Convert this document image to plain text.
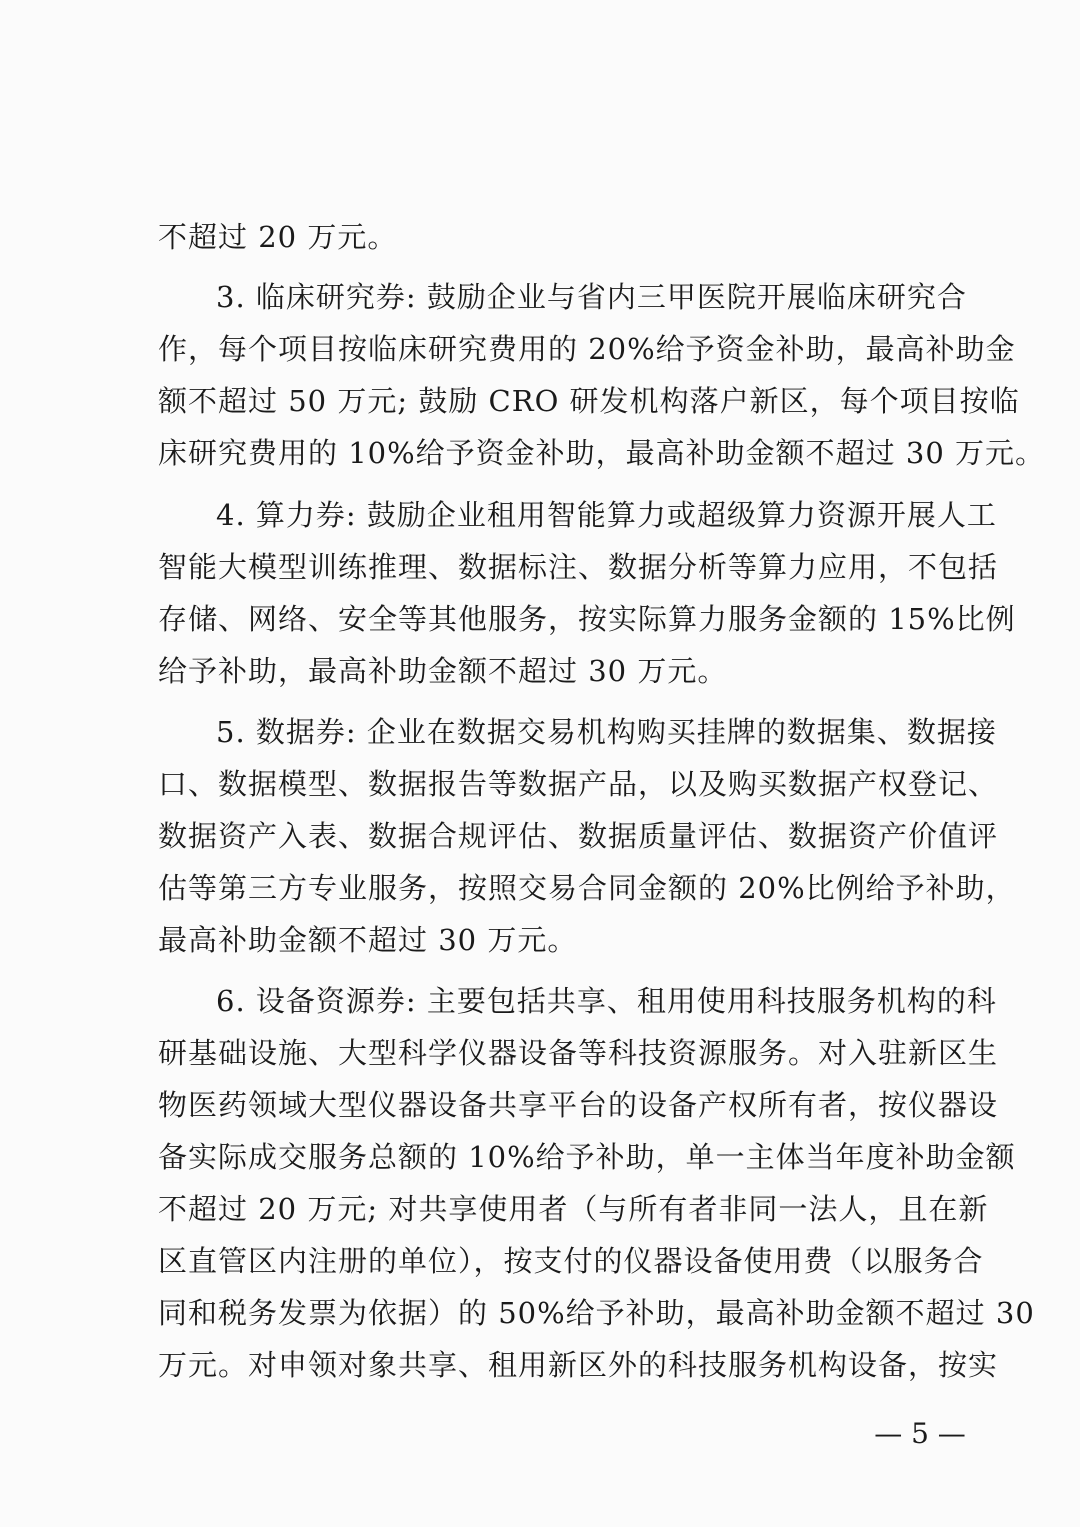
不超过 20 万元。
3. 临床研究券: 鼓励企业与省内三甲医院开展临床研究合
作，每个项目按临床研究费用的 20%给予资金补助，最高补助金
额不超过 50 万元; 鼓励 CRO 研发机构落户新区，每个项目按临
床研究费用的 10%给予资金补助，最高补助金额不超过 30 万元。
4. 算力券: 鼓励企业租用智能算力或超级算力资源开展人工
智能大模型训练推理、数据标注、数据分析等算力应用，不包括
存储、网络、安全等其他服务，按实际算力服务金额的 15%比例
给予补助，最高补助金额不超过 30 万元。
5. 数据券: 企业在数据交易机构购买挂牌的数据集、数据接
口、数据模型、数据报告等数据产品，以及购买数据产权登记、
数据资产入表、数据合规评估、数据质量评估、数据资产价值评
估等第三方专业服务，按照交易合同金额的 20%比例给予补助，
最高补助金额不超过 30 万元。
6. 设备资源券: 主要包括共享、租用使用科技服务机构的科
研基础设施、大型科学仪器设备等科技资源服务。对入驻新区生
物医药领域大型仪器设备共享平台的设备产权所有者，按仪器设
备实际成交服务总额的 10%给予补助，单一主体当年度补助金额
不超过 20 万元; 对共享使用者（与所有者非同一法人，且在新
区直管区内注册的单位），按支付的仪器设备使用费（以服务合
同和税务发票为依据）的 50%给予补助，最高补助金额不超过 30
万元。对申领对象共享、租用新区外的科技服务机构设备，按实
— 5 —
